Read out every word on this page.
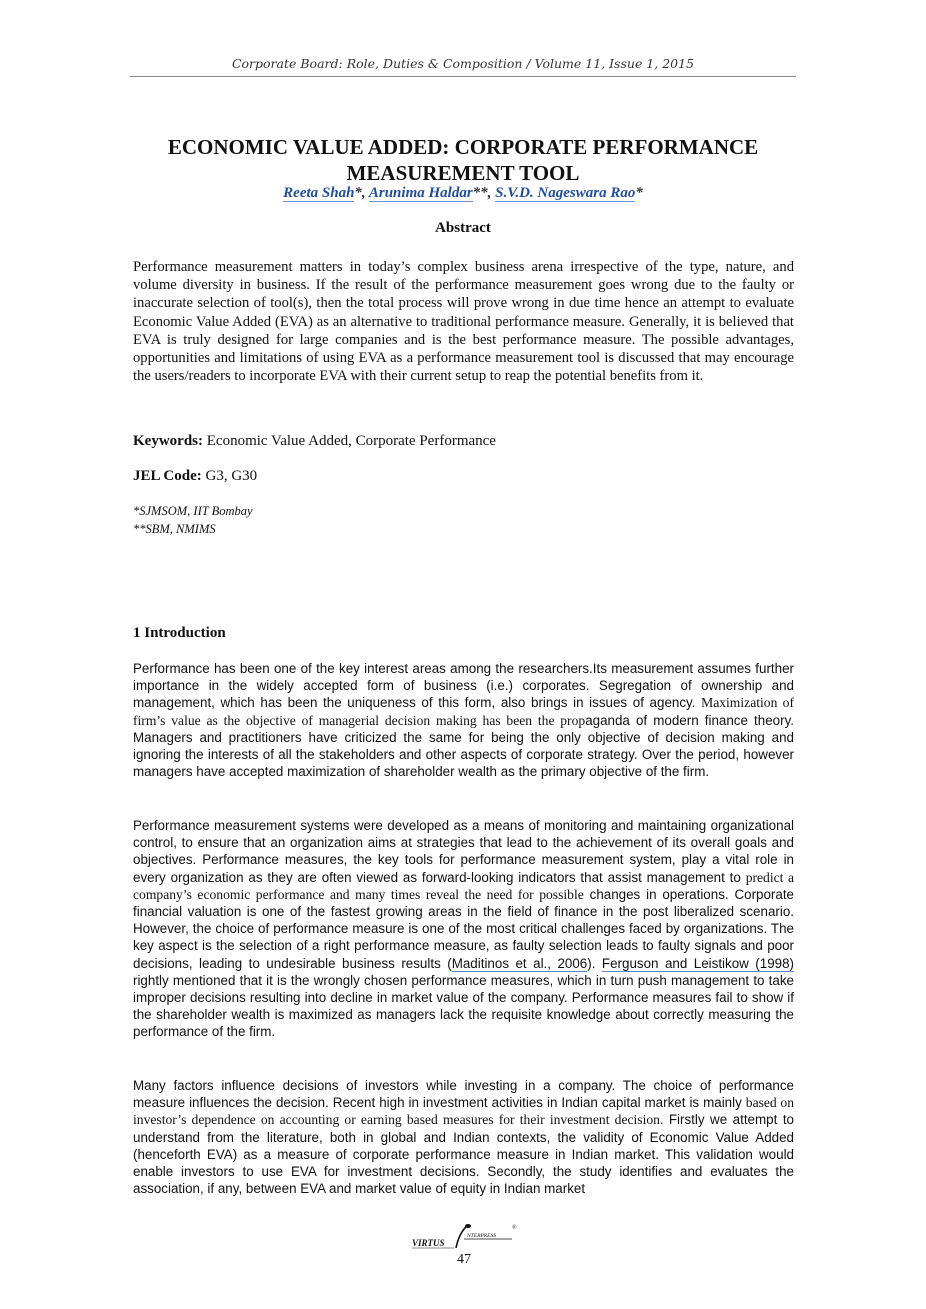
Corporate Board: Role, Duties & Composition / Volume 11, Issue 1, 2015
ECONOMIC VALUE ADDED: CORPORATE PERFORMANCE
MEASUREMENT TOOL
Reeta Shah*, Arunima Haldar**, S.V.D. Nageswara Rao*
Abstract
Performance measurement matters in today’s complex business arena irrespective of the type, nature, and volume diversity in business. If the result of the performance measurement goes wrong due to the faulty or inaccurate selection of tool(s), then the total process will prove wrong in due time hence an attempt to evaluate Economic Value Added (EVA) as an alternative to traditional performance measure. Generally, it is believed that EVA is truly designed for large companies and is the best performance measure. The possible advantages, opportunities and limitations of using EVA as a performance measurement tool is discussed that may encourage the users/readers to incorporate EVA with their current setup to reap the potential benefits from it.
Keywords: Economic Value Added, Corporate Performance
JEL Code: G3, G30
*SJMSOM, IIT Bombay
**SBM, NMIMS
1 Introduction
Performance has been one of the key interest areas among the researchers.Its measurement assumes further importance in the widely accepted form of business (i.e.) corporates. Segregation of ownership and management, which has been the uniqueness of this form, also brings in issues of agency. Maximization of firm’s value as the objective of managerial decision making has been the propaganda of modern finance theory. Managers and practitioners have criticized the same for being the only objective of decision making and ignoring the interests of all the stakeholders and other aspects of corporate strategy. Over the period, however managers have accepted maximization of shareholder wealth as the primary objective of the firm.
Performance measurement systems were developed as a means of monitoring and maintaining organizational control, to ensure that an organization aims at strategies that lead to the achievement of its overall goals and objectives. Performance measures, the key tools for performance measurement system, play a vital role in every organization as they are often viewed as forward-looking indicators that assist management to predict a company’s economic performance and many times reveal the need for possible changes in operations. Corporate financial valuation is one of the fastest growing areas in the field of finance in the post liberalized scenario. However, the choice of performance measure is one of the most critical challenges faced by organizations. The key aspect is the selection of a right performance measure, as faulty selection leads to faulty signals and poor decisions, leading to undesirable business results (Maditinos et al., 2006). Ferguson and Leistikow (1998) rightly mentioned that it is the wrongly chosen performance measures, which in turn push management to take improper decisions resulting into decline in market value of the company. Performance measures fail to show if the shareholder wealth is maximized as managers lack the requisite knowledge about correctly measuring the performance of the firm.
Many factors influence decisions of investors while investing in a company. The choice of performance measure influences the decision. Recent high in investment activities in Indian capital market is mainly based on investor’s dependence on accounting or earning based measures for their investment decision. Firstly we attempt to understand from the literature, both in global and Indian contexts, the validity of Economic Value Added (henceforth EVA) as a measure of corporate performance measure in Indian market. This validation would enable investors to use EVA for investment decisions. Secondly, the study identifies and evaluates the association, if any, between EVA and market value of equity in Indian market
VIRTUS
NTERPRESS
®
47
